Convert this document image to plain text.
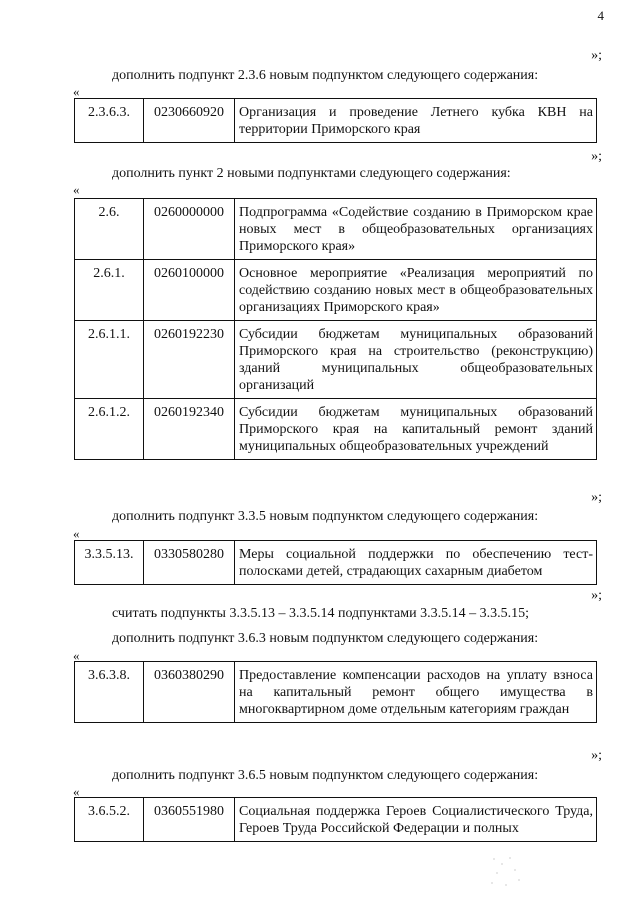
4
»;
дополнить подпункт 2.3.6 новым подпунктом следующего содержания:
«
2.3.6.3.	0230660920	Организация и проведение Летнего кубка КВН на территории Приморского края
»;
дополнить пункт 2 новыми подпунктами следующего содержания:
«
2.6.	0260000000	Подпрограмма «Содействие созданию в Приморском крае новых мест в общеобразовательных организациях Приморского края»
2.6.1.	0260100000	Основное мероприятие «Реализация мероприятий по содействию созданию новых мест в общеобразовательных организациях Приморского края»
2.6.1.1.	0260192230	Субсидии бюджетам муниципальных образований Приморского края на строительство (реконструкцию) зданий муниципальных общеобразовательных организаций
2.6.1.2.	0260192340	Субсидии бюджетам муниципальных образований Приморского края на капитальный ремонт зданий муниципальных общеобразовательных учреждений
»;
дополнить подпункт 3.3.5 новым подпунктом следующего содержания:
«
3.3.5.13.	0330580280	Меры социальной поддержки по обеспечению тест-полосками детей, страдающих сахарным диабетом
»;
считать подпункты 3.3.5.13 – 3.3.5.14 подпунктами 3.3.5.14 – 3.3.5.15;
дополнить подпункт 3.6.3 новым подпунктом следующего содержания:
«
3.6.3.8.	0360380290	Предоставление компенсации расходов на уплату взноса на капитальный ремонт общего имущества в многоквартирном доме отдельным категориям граждан
»;
дополнить подпункт 3.6.5 новым подпунктом следующего содержания:
«
3.6.5.2.	0360551980	Социальная поддержка Героев Социалистического Труда, Героев Труда Российской Федерации и полных
